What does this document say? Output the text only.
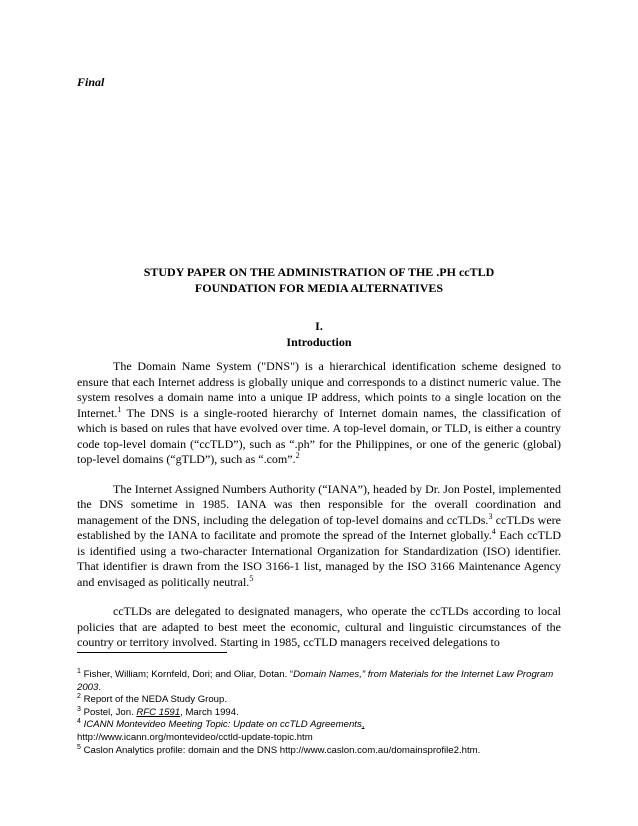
Final
STUDY PAPER ON THE ADMINISTRATION OF THE .PH ccTLD
FOUNDATION FOR MEDIA ALTERNATIVES
I.
Introduction

The Domain Name System ("DNS") is a hierarchical identification scheme designed to ensure that each Internet address is globally unique and corresponds to a distinct numeric value. The system resolves a domain name into a unique IP address, which points to a single location on the Internet.$^1$ The DNS is a single-rooted hierarchy of Internet domain names, the classification of which is based on rules that have evolved over time. A top-level domain, or TLD, is either a country code top-level domain (“ccTLD”), such as “.ph” for the Philippines, or one of the generic (global) top-level domains (“gTLD”), such as “.com”.$^2$

The Internet Assigned Numbers Authority (“IANA”), headed by Dr. Jon Postel, implemented the DNS sometime in 1985. IANA was then responsible for the overall coordination and management of the DNS, including the delegation of top-level domains and ccTLDs.$^3$ ccTLDs were established by the IANA to facilitate and promote the spread of the Internet globally.$^4$ Each ccTLD is identified using a two-character International Organization for Standardization (ISO) identifier. That identifier is drawn from the ISO 3166-1 list, managed by the ISO 3166 Maintenance Agency and envisaged as politically neutral.$^5$

ccTLDs are delegated to designated managers, who operate the ccTLDs according to local policies that are adapted to best meet the economic, cultural and linguistic circumstances of the country or territory involved. Starting in 1985, ccTLD managers received delegations to

$^1$ Fisher, William; Kornfeld, Dori; and Oliar, Dotan. “Domain Names,” from Materials for the Internet Law Program 2003.

$^2$ Report of the NEDA Study Group.

$^3$ Postel, Jon. RFC 1591, March 1994.

$^4$ ICANN Montevideo Meeting Topic: Update on ccTLD Agreements,

http://www.icann.org/montevideo/cctld-update-topic.htm

$^5$ Caslon Analytics profile: domain and the DNS http://www.caslon.com.au/domainsprofile2.htm.
